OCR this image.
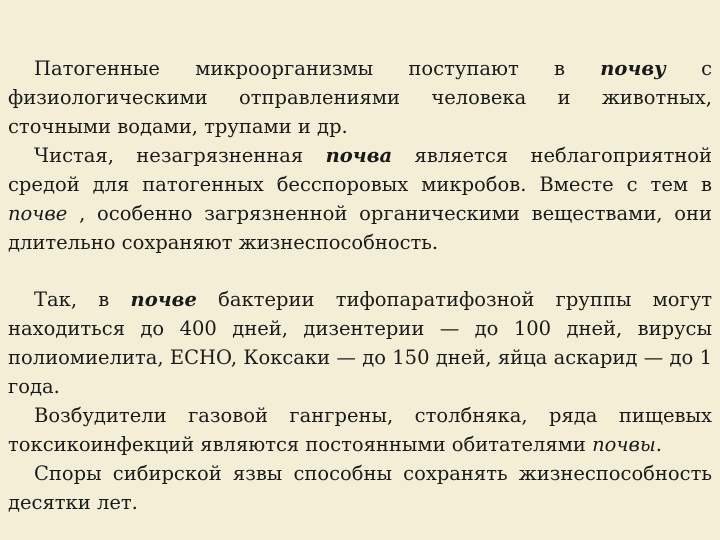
Патогенные микроорганизмы поступают в почву с физиологическими отправлениями человека и животных, сточными водами, трупами и др.

Чистая, незагрязненная почва является неблагоприятной средой для патогенных бесспоровых микробов. Вместе с тем в почве , особенно загрязненной органическими веществами, они длительно сохраняют жизнеспособность.

Так, в почве бактерии тифопаратифозной группы могут находиться до 400 дней, дизентерии — до 100 дней, вирусы полиомиелита, ECHO, Коксаки — до 150 дней, яйца аскарид — до 1 года.

Возбудители газовой гангрены, столбняка, ряда пищевых токсикоинфекций являются постоянными обитателями почвы.

Споры сибирской язвы способны сохранять жизнеспособность десятки лет.
